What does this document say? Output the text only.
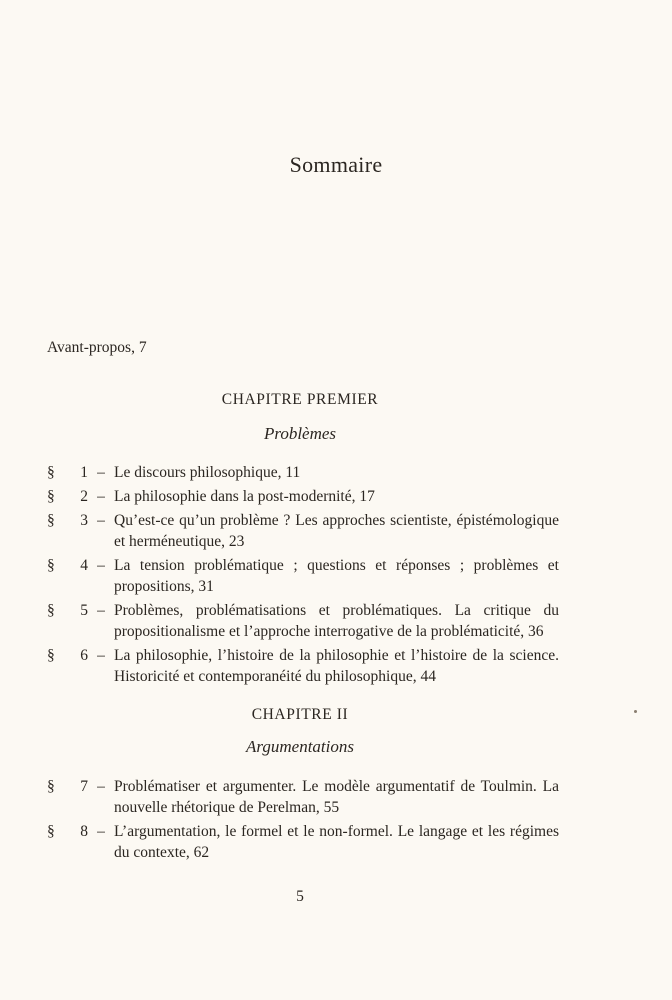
Sommaire
Avant-propos, 7
CHAPITRE PREMIER
Problèmes
§	1 – Le discours philosophique, 11
§	2 – La philosophie dans la post-modernité, 17
§	3 – Qu’est-ce qu’un problème ? Les approches scientiste, épistémologique et herméneutique, 23
§	4 – La tension problématique ; questions et réponses ; problèmes et propositions, 31
§	5 – Problèmes, problématisations et problématiques. La critique du propositionalisme et l’approche interrogative de la problématicité, 36
§	6 – La philosophie, l’histoire de la philosophie et l’histoire de la science. Historicité et contemporanéité du philosophique, 44
CHAPITRE II
Argumentations
§	7 – Problématiser et argumenter. Le modèle argumentatif de Toulmin. La nouvelle rhétorique de Perelman, 55
§	8 – L’argumentation, le formel et le non-formel. Le langage et les régimes du contexte, 62
5
